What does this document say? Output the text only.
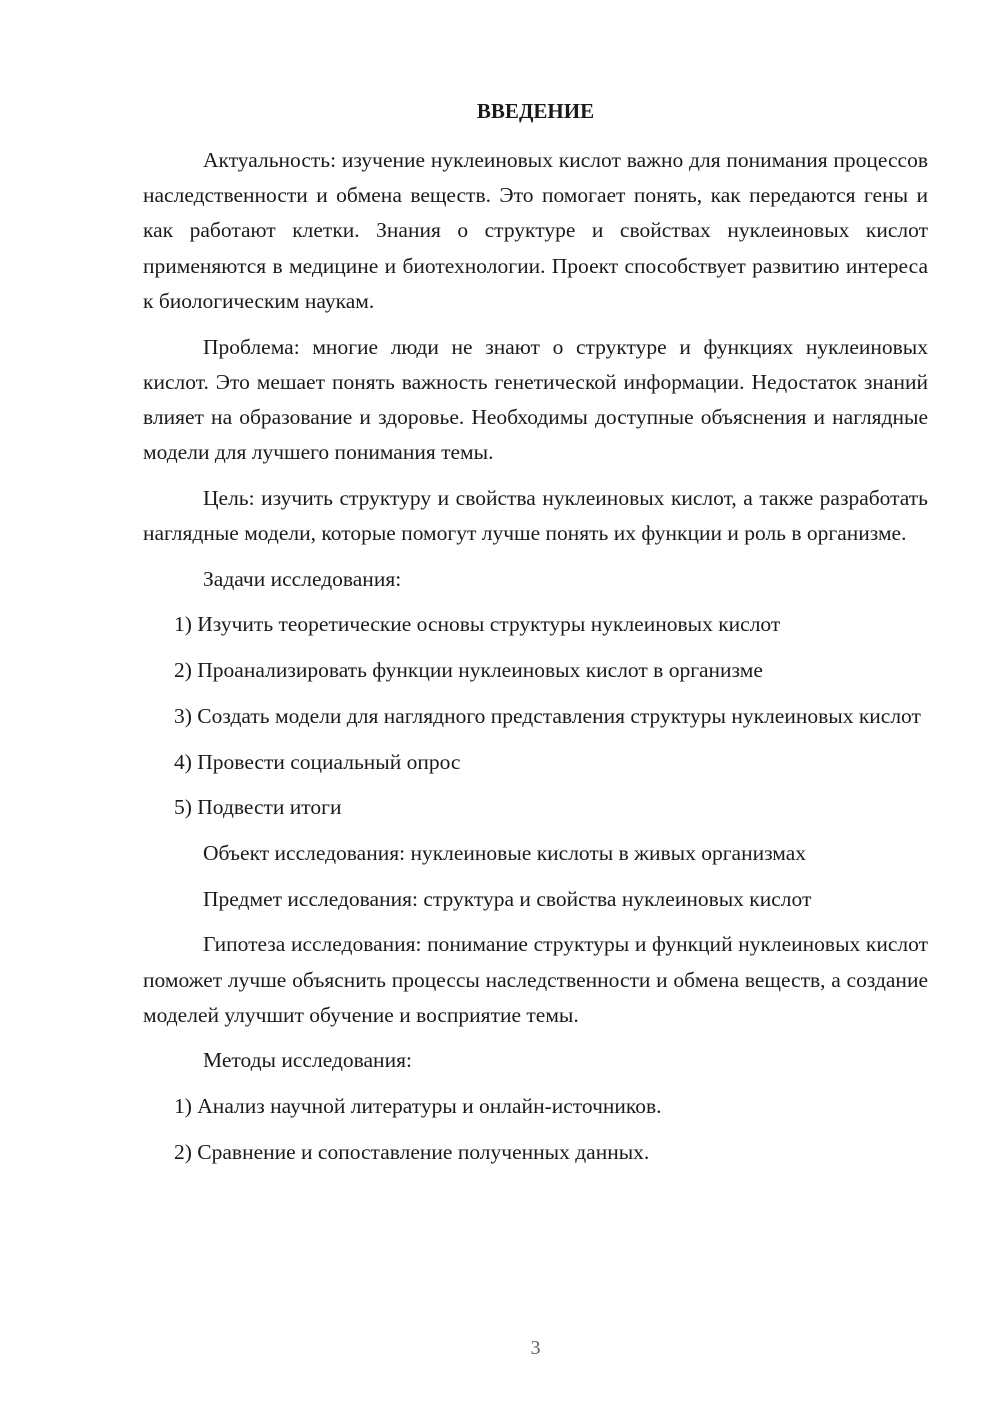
ВВЕДЕНИЕ

Актуальность: изучение нуклеиновых кислот важно для понимания процессов наследственности и обмена веществ. Это помогает понять, как передаются гены и как работают клетки. Знания о структуре и свойствах нуклеиновых кислот применяются в медицине и биотехнологии. Проект способствует развитию интереса к биологическим наукам.

Проблема: многие люди не знают о структуре и функциях нуклеиновых кислот. Это мешает понять важность генетической информации. Недостаток знаний влияет на образование и здоровье. Необходимы доступные объяснения и наглядные модели для лучшего понимания темы.

Цель: изучить структуру и свойства нуклеиновых кислот, а также разработать наглядные модели, которые помогут лучше понять их функции и роль в организме.

Задачи исследования:

1) Изучить теоретические основы структуры нуклеиновых кислот

2) Проанализировать функции нуклеиновых кислот в организме

3) Создать модели для наглядного представления структуры нуклеиновых кислот

4) Провести социальный опрос

5) Подвести итоги

Объект исследования: нуклеиновые кислоты в живых организмах

Предмет исследования: структура и свойства нуклеиновых кислот

Гипотеза исследования: понимание структуры и функций нуклеиновых кислот поможет лучше объяснить процессы наследственности и обмена веществ, а создание моделей улучшит обучение и восприятие темы.

Методы исследования:

1) Анализ научной литературы и онлайн-источников.

2) Сравнение и сопоставление полученных данных.

3
